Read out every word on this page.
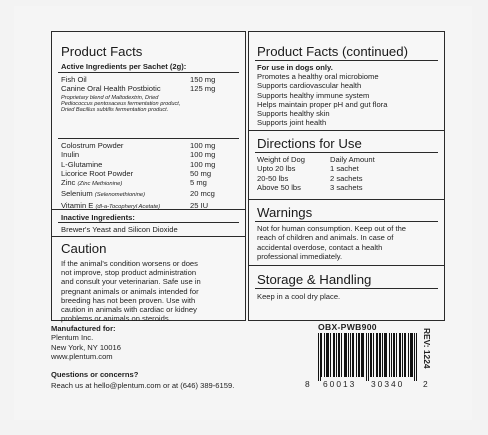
Product Facts
Active Ingredients per Sachet (2g):
Fish Oil	150 mg
Canine Oral Health Postbiotic	125 mg
Proprietary blend of Maltodextrin, Dried
Pediococcus pentosaceus fermentation product,
Dried Bacillus subtilis fermentation product.
Colostrum Powder	100 mg
Inulin	100 mg
L-Glutamine	100 mg
Licorice Root Powder	50 mg
Zinc (Zinc Methionine)	5 mg
Selenium (Selenomethionine)	20 mcg
Vitamin E (dl-a-Tocopheryl Acetate)	25 IU
Inactive Ingredients:
Brewer's Yeast and Silicon Dioxide
Caution
If the animal's condition worsens or does
not improve, stop product administration
and consult your veterinarian. Safe use in
pregnant animals or animals intended for
breeding has not been proven. Use with
caution in animals with cardiac or kidney
problems or animals on steroids.
Product Facts (continued)
For use in dogs only.
Promotes a healthy oral microbiome
Supports cardiovascular health
Supports healthy immune system
Helps maintain proper pH and gut flora
Supports healthy skin
Supports joint health
Directions for Use
Weight of Dog	Daily Amount
Upto 20 lbs	1 sachet
20-50 lbs	2 sachets
Above 50 lbs	3 sachets
Warnings
Not for human consumption. Keep out of the
reach of children and animals. In case of
accidental overdose, contact a health
professional immediately.
Storage & Handling
Keep in a cool dry place.
Manufactured for:
Plentum Inc.
New York, NY 10016
www.plentum.com
Questions or concerns?
Reach us at hello@plentum.com or at (646) 389-6159.
OBX-PWB900
REV: 1224
8 60013 30340 2
